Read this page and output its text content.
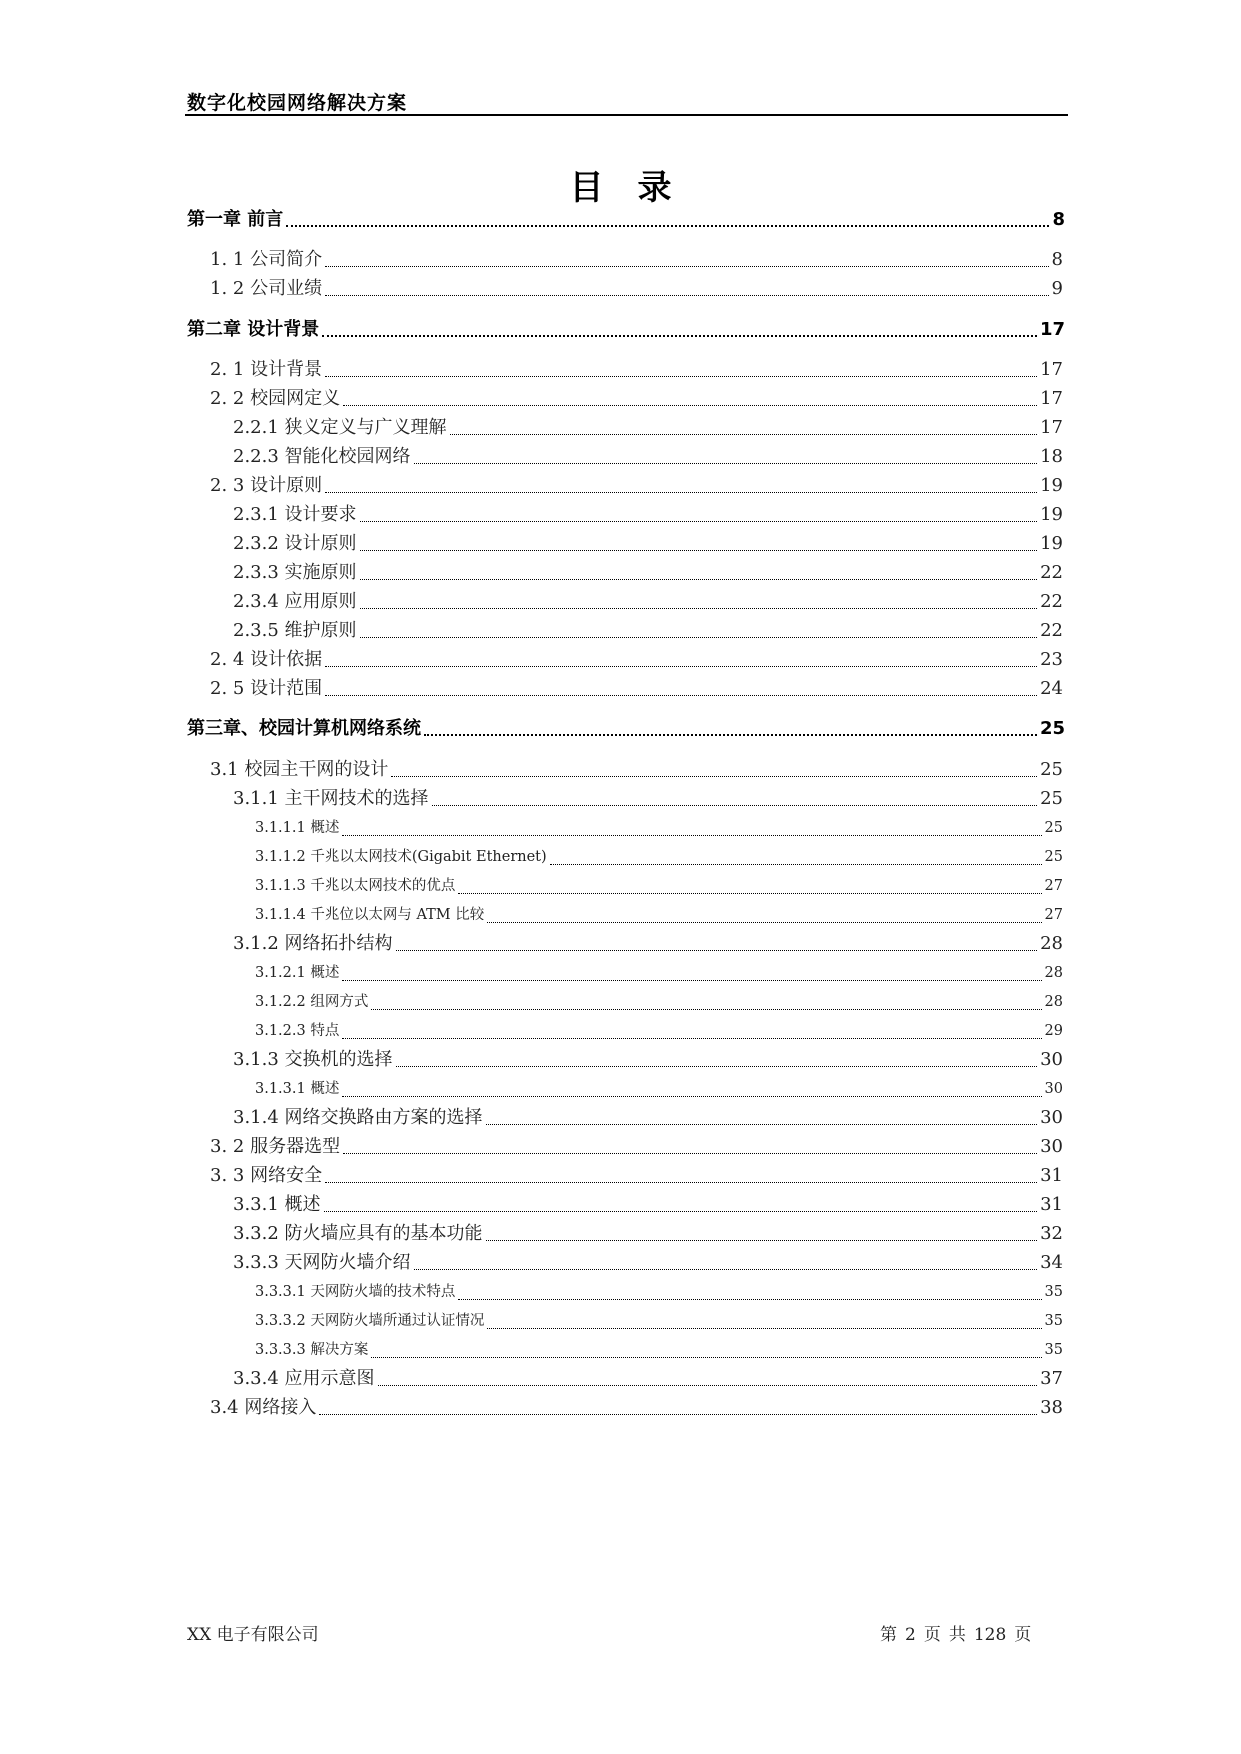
数字化校园网络解决方案
目录
第一章 前言	8
1. 1 公司简介	8
1. 2 公司业绩	9
第二章 设计背景	17
2. 1 设计背景	17
2. 2 校园网定义	17
2.2.1 狭义定义与广义理解	17
2.2.3 智能化校园网络	18
2. 3 设计原则	19
2.3.1 设计要求	19
2.3.2 设计原则	19
2.3.3 实施原则	22
2.3.4 应用原则	22
2.3.5 维护原则	22
2. 4 设计依据	23
2. 5 设计范围	24
第三章、校园计算机网络系统	25
3.1 校园主干网的设计	25
3.1.1 主干网技术的选择	25
3.1.1.1 概述	25
3.1.1.2 千兆以太网技术(Gigabit Ethernet)	25
3.1.1.3 千兆以太网技术的优点	27
3.1.1.4 千兆位以太网与 ATM 比较	27
3.1.2 网络拓扑结构	28
3.1.2.1 概述	28
3.1.2.2 组网方式	28
3.1.2.3 特点	29
3.1.3 交换机的选择	30
3.1.3.1 概述	30
3.1.4 网络交换路由方案的选择	30
3. 2 服务器选型	30
3. 3 网络安全	31
3.3.1 概述	31
3.3.2 防火墙应具有的基本功能	32
3.3.3 天网防火墙介绍	34
3.3.3.1 天网防火墙的技术特点	35
3.3.3.2 天网防火墙所通过认证情况	35
3.3.3.3 解决方案	35
3.3.4 应用示意图	37
3.4 网络接入	38
XX 电子有限公司	第 2 页 共 128 页
